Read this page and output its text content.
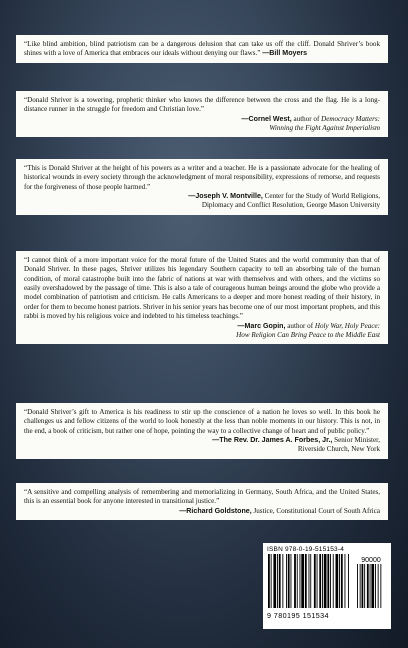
“Like blind ambition, blind patriotism can be a dangerous delusion that can take us off the cliff. Donald Shriver’s book shines with a love of America that embraces our ideals without denying our flaws.” —Bill Moyers

“Donald Shriver is a towering, prophetic thinker who knows the difference between the cross and the flag. He is a long-distance runner in the struggle for freedom and Christian love.”

—Cornel West, author of Democracy Matters:
Winning the Fight Against Imperialism

“This is Donald Shriver at the height of his powers as a writer and a teacher. He is a passionate advocate for the healing of historical wounds in every society through the acknowledgment of moral responsibility, expressions of remorse, and requests for the forgiveness of those people harmed.”

—Joseph V. Montville, Center for the Study of World Religions,
Diplomacy and Conflict Resolution, George Mason University

“I cannot think of a more important voice for the moral future of the United States and the world community than that of Donald Shriver. In these pages, Shriver utilizes his legendary Southern capacity to tell an absorbing tale of the human condition, of moral catastrophe built into the fabric of nations at war with themselves and with others, and the victims so easily overshadowed by the passage of time. This is also a tale of courageous human beings around the globe who provide a model combination of patriotism and criticism. He calls Americans to a deeper and more honest reading of their history, in order for them to become honest patriots. Shriver in his senior years has become one of our most important prophets, and this rabbi is moved by his religious voice and indebted to his timeless teachings.”

—Marc Gopin, author of Holy War, Holy Peace:
How Religion Can Bring Peace to the Middle East

“Donald Shriver’s gift to America is his readiness to stir up the conscience of a nation he loves so well. In this book he challenges us and fellow citizens of the world to look honestly at the less than noble moments in our history. This is not, in the end, a book of criticism, but rather one of hope, pointing the way to a collective change of heart and of public policy.”

—The Rev. Dr. James A. Forbes, Jr., Senior Minister,
Riverside Church, New York

“A sensitive and compelling analysis of remembering and memorializing in Germany, South Africa, and the United States, this is an essential book for anyone interested in transitional justice.”

—Richard Goldstone, Justice, Constitutional Court of South Africa
ISBN 978-0-19-515153-4
90000
9 780195 151534
